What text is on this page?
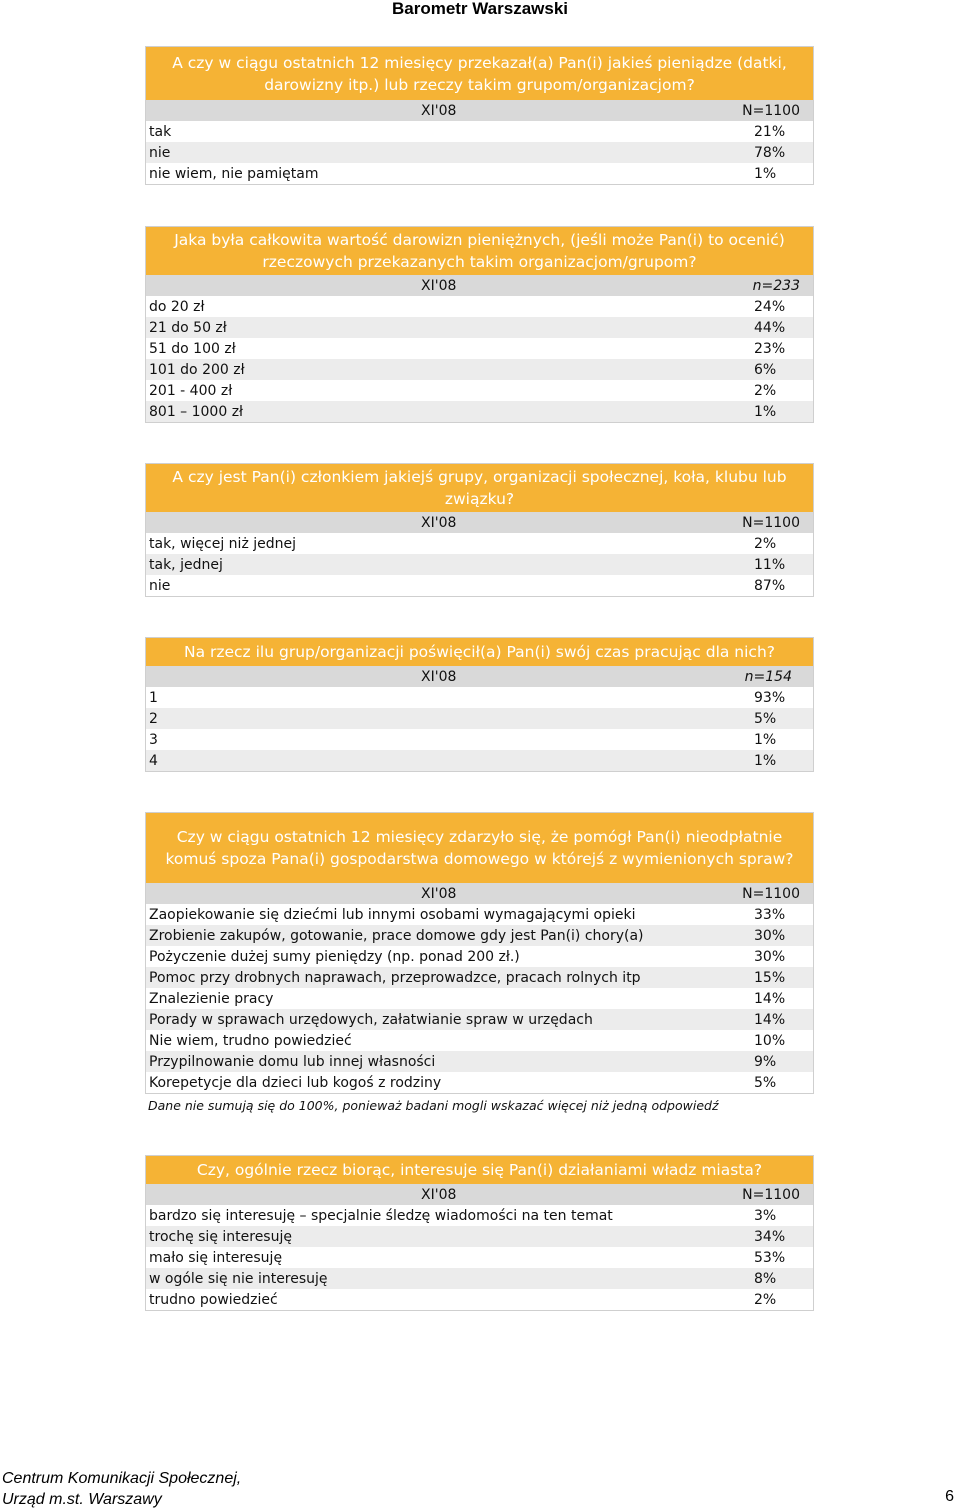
Barometr Warszawski
A czy w ciągu ostatnich 12 miesięcy przekazał(a) Pan(i) jakieś pieniądze (datki, darowizny itp.) lub rzeczy takim grupom/organizacjom?
XI'08	N=1100
tak	21%
nie	78%
nie wiem, nie pamiętam	1%
Jaka była całkowita wartość darowizn pieniężnych, (jeśli może Pan(i) to ocenić) rzeczowych przekazanych takim organizacjom/grupom?
XI'08	n=233
do 20 zł	24%
21 do 50 zł	44%
51 do 100 zł	23%
101 do 200 zł	6%
201 - 400 zł	2%
801 – 1000 zł	1%
A czy jest Pan(i) członkiem jakiejś grupy, organizacji społecznej, koła, klubu lub związku?
XI'08	N=1100
tak, więcej niż jednej	2%
tak, jednej	11%
nie	87%
Na rzecz ilu grup/organizacji poświęcił(a) Pan(i) swój czas pracując dla nich?
XI'08	n=154
1	93%
2	5%
3	1%
4	1%
Czy w ciągu ostatnich 12 miesięcy zdarzyło się, że pomógł Pan(i) nieodpłatnie komuś spoza Pana(i) gospodarstwa domowego w którejś z wymienionych spraw?
XI'08	N=1100
Zaopiekowanie się dziećmi lub innymi osobami wymagającymi opieki	33%
Zrobienie zakupów, gotowanie, prace domowe gdy jest Pan(i) chory(a)	30%
Pożyczenie dużej sumy pieniędzy (np. ponad 200 zł.)	30%
Pomoc przy drobnych naprawach, przeprowadzce, pracach rolnych itp	15%
Znalezienie pracy	14%
Porady w sprawach urzędowych, załatwianie spraw w urzędach	14%
Nie wiem, trudno powiedzieć	10%
Przypilnowanie domu lub innej własności	9%
Korepetycje dla dzieci lub kogoś z rodziny	5%
Dane nie sumują się do 100%, ponieważ badani mogli wskazać więcej niż jedną odpowiedź
Czy, ogólnie rzecz biorąc, interesuje się Pan(i) działaniami władz miasta?
XI'08	N=1100
bardzo się interesuję – specjalnie śledzę wiadomości na ten temat	3%
trochę się interesuję	34%
mało się interesuję	53%
w ogóle się nie interesuję	8%
trudno powiedzieć	2%
Centrum Komunikacji Społecznej,
Urząd m.st. Warszawy	6
